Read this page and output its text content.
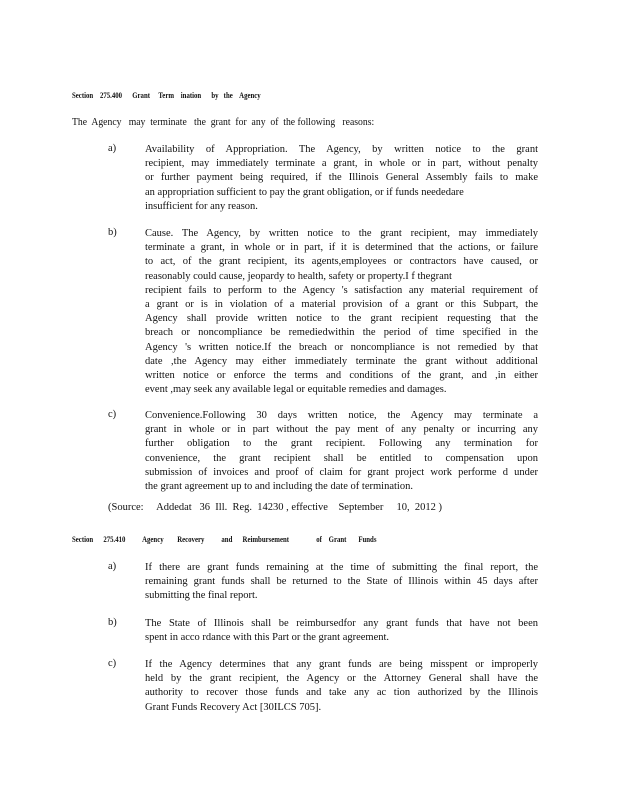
Section    275.400      Grant     Term    ination      by   the    Agency
The  Agency   may  terminate   the  grant  for  any  of  the following   reasons:
a)	Availability of Appropriation. The Agency, by written notice to the grant
recipient, may immediately terminate a grant, in whole or in part, without penalty
or further payment being required, if the Illinois General Assembly fails to make
an appropriation sufficient to pay the grant obligation, or if funds neededare
insufficient for any reason.
b)	Cause. The Agency, by written notice to the grant recipient, may immediately
terminate a grant, in whole or in part, if it is determined that the actions, or failure
to act, of the grant recipient, its agents,employees or contractors have caused, or
reasonably could cause, jeopardy to health, safety or property.I f thegrant
recipient fails to perform to the Agency 's satisfaction any material requirement of
a grant or is in violation of a material provision of a grant or this Subpart, the
Agency shall provide written notice to the grant recipient requesting that the
breach or noncompliance be remediedwithin the period of time specified in the
Agency 's written notice.If the breach or noncompliance is not remedied by that
date ,the Agency may either immediately terminate the grant without additional
written notice or enforce the terms and conditions of the grant, and ,in either
event ,may seek any available legal or equitable remedies and damages.
c)	Convenience.Following 30 days written notice, the Agency may terminate a
grant in whole or in part without the pay ment of any penalty or incurring any
further obligation to the grant recipient. Following any termination for
convenience, the grant recipient shall be entitled to compensation upon
submission of invoices and proof of claim for grant project work performe d under
the grant agreement up to and including the date of termination.
(Source:     Addedat   36  Ill.  Reg.  14230 , effective    September     10,  2012 )
Section      275.410          Agency        Recovery          and      Reimbursement                of    Grant       Funds
a)	If there are grant funds remaining at the time of submitting the final report, the
remaining grant funds shall be returned to the State of Illinois within 45 days after
submitting the final report.
b)	The State of Illinois shall be reimbursedfor any grant funds that have not been
spent in acco rdance with this Part or the grant agreement.
c)	If the Agency determines that any grant funds are being misspent or improperly
held by the grant recipient, the Agency or the Attorney General shall have the
authority to recover those funds and take any ac tion authorized by the Illinois
Grant Funds Recovery Act [30ILCS 705].
